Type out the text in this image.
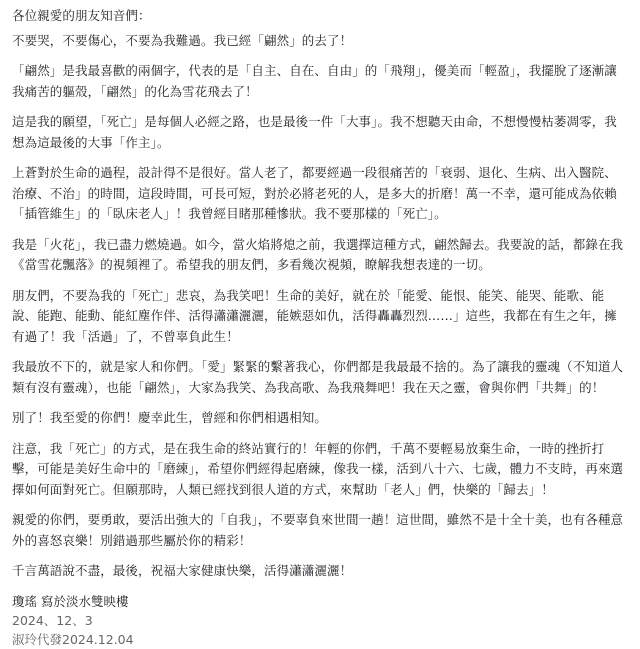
各位親愛的朋友知音們：

不要哭，不要傷心，不要為我難過。我已經「翩然」的去了！

「翩然」是我最喜歡的兩個字，代表的是「自主、自在、自由」的「飛翔」，優美而「輕盈」，我擺脫了逐漸讓我痛苦的軀殼，「翩然」的化為雪花飛去了！

這是我的願望，「死亡」是每個人必經之路，也是最後一件「大事」。我不想聽天由命，不想慢慢枯萎凋零，我想為這最後的大事「作主」。

上蒼對於生命的過程，設計得不是很好。當人老了，都要經過一段很痛苦的「衰弱、退化、生病、出入醫院、治療、不治」的時間，這段時間，可長可短，對於必將老死的人，是多大的折磨！萬一不幸，還可能成為依賴「插管維生」的「臥床老人」！我曾經目睹那種慘狀。我不要那樣的「死亡」。

我是「火花」，我已盡力燃燒過。如今，當火焰將熄之前，我選擇這種方式，翩然歸去。我要說的話，都錄在我《當雪花飄落》的視頻裡了。希望我的朋友們，多看幾次視頻，瞭解我想表達的一切。

朋友們，不要為我的「死亡」悲哀，為我笑吧！生命的美好，就在於「能愛、能恨、能笑、能哭、能歌、能說、能跑、能動、能紅塵作伴、活得瀟瀟灑灑，能嫉惡如仇，活得轟轟烈烈……」這些，我都在有生之年，擁有過了！我「活過」了，不曾辜負此生！

我最放不下的，就是家人和你們。「愛」緊緊的繫著我心，你們都是我最最不捨的。為了讓我的靈魂（不知道人類有沒有靈魂），也能「翩然」，大家為我笑、為我高歌、為我飛舞吧！我在天之靈，會與你們「共舞」的！

別了！我至愛的你們！慶幸此生，曾經和你們相遇相知。

注意，我「死亡」的方式，是在我生命的終站實行的！年輕的你們，千萬不要輕易放棄生命，一時的挫折打擊，可能是美好生命中的「磨練」，希望你們經得起磨練，像我一樣，活到八十六、七歲，體力不支時，再來選擇如何面對死亡。但願那時，人類已經找到很人道的方式，來幫助「老人」們，快樂的「歸去」！

親愛的你們，要勇敢，要活出強大的「自我」，不要辜負來世間一趟！這世間，雖然不是十全十美，也有各種意外的喜怒哀樂！別錯過那些屬於你的精彩！

千言萬語說不盡，最後，祝福大家健康快樂，活得瀟瀟灑灑！

瓊瑤 寫於淡水雙映樓
2024、12、3
淑玲代發2024.12.04
